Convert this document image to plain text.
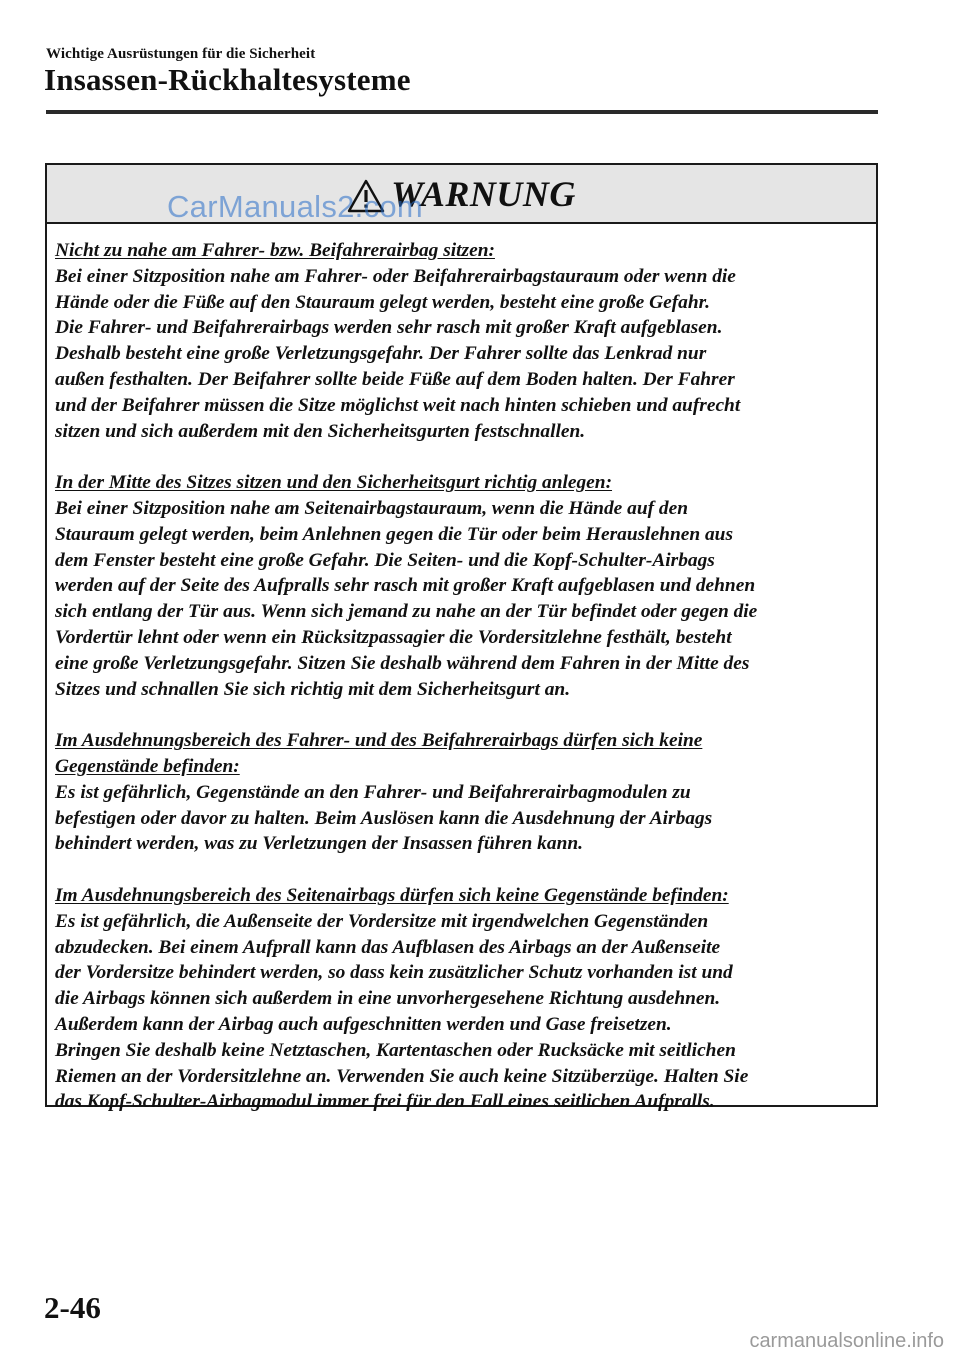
Wichtige Ausrüstungen für die Sicherheit
Insassen-Rückhaltesysteme
WARNUNG
CarManuals2.com
Nicht zu nahe am Fahrer- bzw. Beifahrerairbag sitzen:
Bei einer Sitzposition nahe am Fahrer- oder Beifahrerairbagstauraum oder wenn die
Hände oder die Füße auf den Stauraum gelegt werden, besteht eine große Gefahr.
Die Fahrer- und Beifahrerairbags werden sehr rasch mit großer Kraft aufgeblasen.
Deshalb besteht eine große Verletzungsgefahr. Der Fahrer sollte das Lenkrad nur
außen festhalten. Der Beifahrer sollte beide Füße auf dem Boden halten. Der Fahrer
und der Beifahrer müssen die Sitze möglichst weit nach hinten schieben und aufrecht
sitzen und sich außerdem mit den Sicherheitsgurten festschnallen.
In der Mitte des Sitzes sitzen und den Sicherheitsgurt richtig anlegen:
Bei einer Sitzposition nahe am Seitenairbagstauraum, wenn die Hände auf den
Stauraum gelegt werden, beim Anlehnen gegen die Tür oder beim Herauslehnen aus
dem Fenster besteht eine große Gefahr. Die Seiten- und die Kopf-Schulter-Airbags
werden auf der Seite des Aufpralls sehr rasch mit großer Kraft aufgeblasen und dehnen
sich entlang der Tür aus. Wenn sich jemand zu nahe an der Tür befindet oder gegen die
Vordertür lehnt oder wenn ein Rücksitzpassagier die Vordersitzlehne festhält, besteht
eine große Verletzungsgefahr. Sitzen Sie deshalb während dem Fahren in der Mitte des
Sitzes und schnallen Sie sich richtig mit dem Sicherheitsgurt an.
Im Ausdehnungsbereich des Fahrer- und des Beifahrerairbags dürfen sich keine
Gegenstände befinden:
Es ist gefährlich, Gegenstände an den Fahrer- und Beifahrerairbagmodulen zu
befestigen oder davor zu halten. Beim Auslösen kann die Ausdehnung der Airbags
behindert werden, was zu Verletzungen der Insassen führen kann.
Im Ausdehnungsbereich des Seitenairbags dürfen sich keine Gegenstände befinden:
Es ist gefährlich, die Außenseite der Vordersitze mit irgendwelchen Gegenständen
abzudecken. Bei einem Aufprall kann das Aufblasen des Airbags an der Außenseite
der Vordersitze behindert werden, so dass kein zusätzlicher Schutz vorhanden ist und
die Airbags können sich außerdem in eine unvorhergesehene Richtung ausdehnen.
Außerdem kann der Airbag auch aufgeschnitten werden und Gase freisetzen.
Bringen Sie deshalb keine Netztaschen, Kartentaschen oder Rucksäcke mit seitlichen
Riemen an der Vordersitzlehne an. Verwenden Sie auch keine Sitzüberzüge. Halten Sie
das Kopf-Schulter-Airbagmodul immer frei für den Fall eines seitlichen Aufpralls.
2-46
carmanualsonline.info
